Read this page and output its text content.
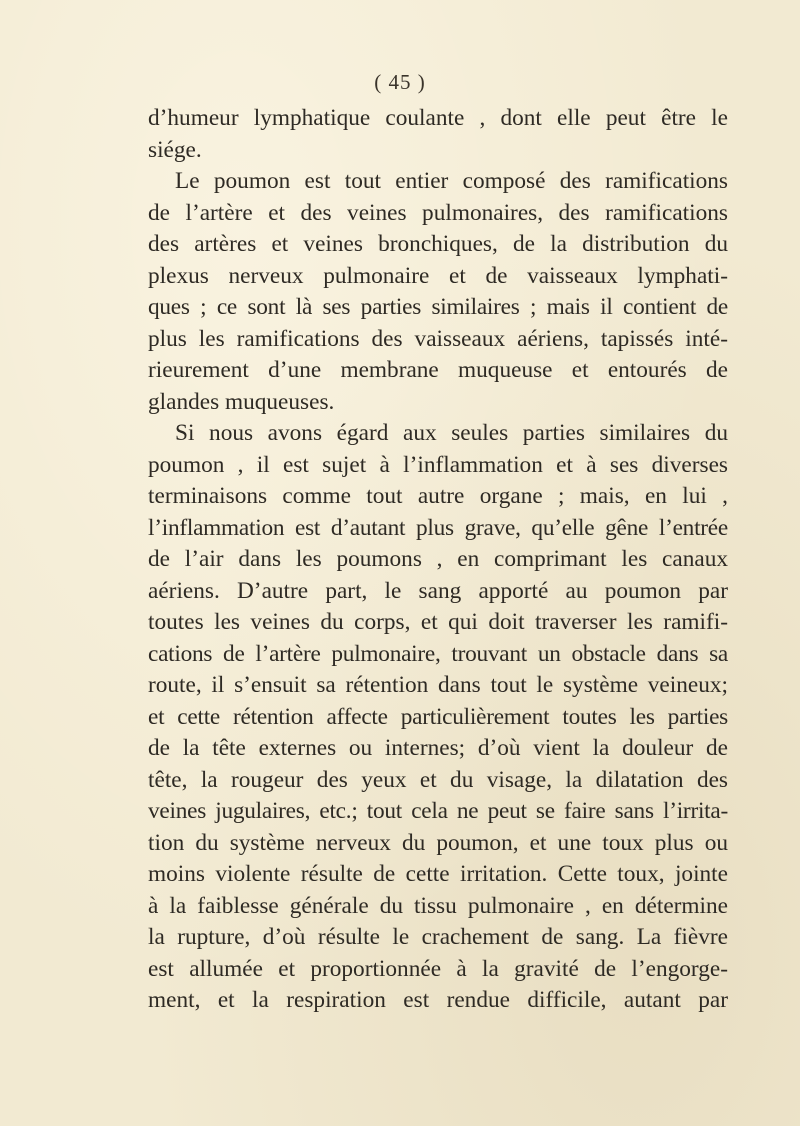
( 45 )
d’humeur lymphatique coulante , dont elle peut être le
siége.
Le poumon est tout entier composé des ramifications
de l’artère et des veines pulmonaires, des ramifications
des artères et veines bronchiques, de la distribution du
plexus nerveux pulmonaire et de vaisseaux lymphati-
ques ; ce sont là ses parties similaires ; mais il contient de
plus les ramifications des vaisseaux aériens, tapissés inté-
rieurement d’une membrane muqueuse et entourés de
glandes muqueuses.
Si nous avons égard aux seules parties similaires du
poumon , il est sujet à l’inflammation et à ses diverses
terminaisons comme tout autre organe ; mais, en lui ,
l’inflammation est d’autant plus grave, qu’elle gêne l’entrée
de l’air dans les poumons , en comprimant les canaux
aériens. D’autre part, le sang apporté au poumon par
toutes les veines du corps, et qui doit traverser les ramifi-
cations de l’artère pulmonaire, trouvant un obstacle dans sa
route, il s’ensuit sa rétention dans tout le système veineux;
et cette rétention affecte particulièrement toutes les parties
de la tête externes ou internes; d’où vient la douleur de
tête, la rougeur des yeux et du visage, la dilatation des
veines jugulaires, etc.; tout cela ne peut se faire sans l’irrita-
tion du système nerveux du poumon, et une toux plus ou
moins violente résulte de cette irritation. Cette toux, jointe
à la faiblesse générale du tissu pulmonaire , en détermine
la rupture, d’où résulte le crachement de sang. La fièvre
est allumée et proportionnée à la gravité de l’engorge-
ment, et la respiration est rendue difficile, autant par
